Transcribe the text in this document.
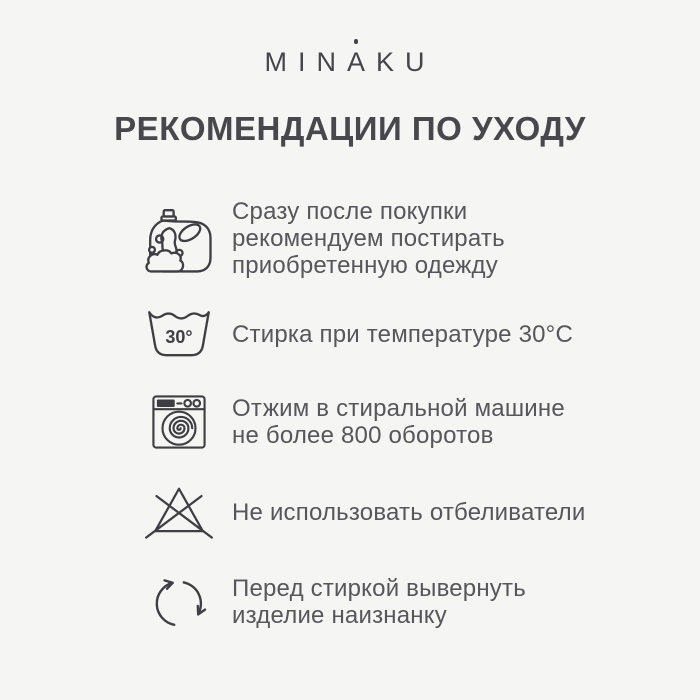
MINAKU
РЕКОМЕНДАЦИИ ПО УХОДУ
Сразу после покупки
рекомендуем постирать
приобретенную одежду
30° Стирка при температуре 30°С
Отжим в стиральной машине
не более 800 оборотов
Не использовать отбеливатели
Перед стиркой вывернуть
изделие наизнанку
